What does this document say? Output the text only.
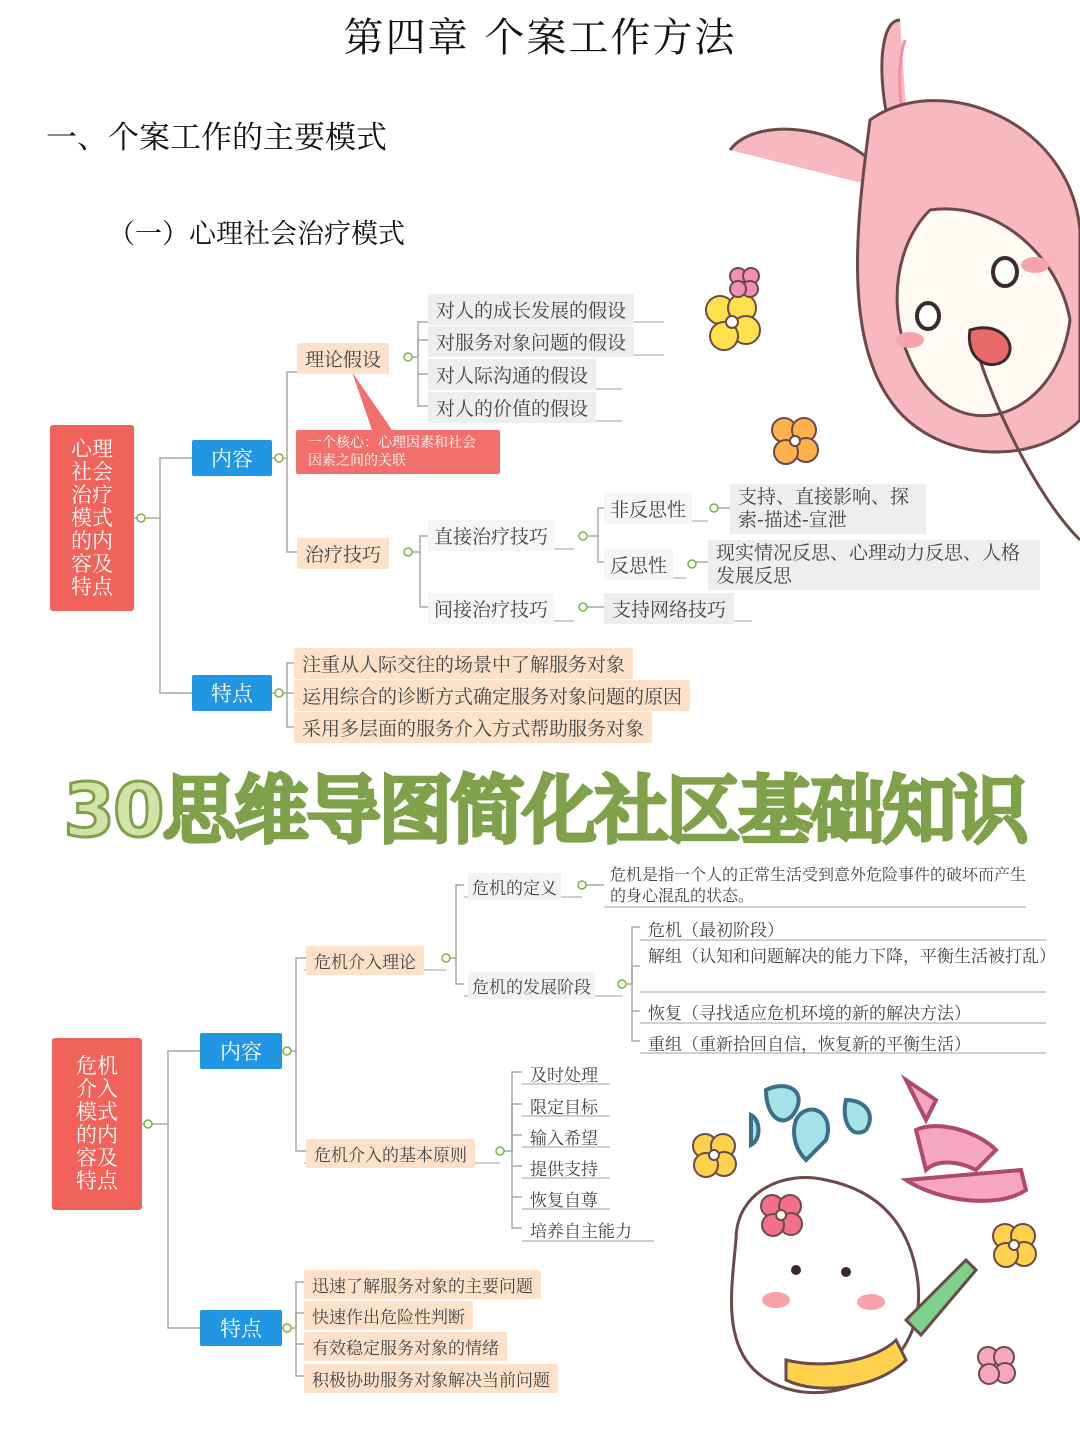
第四章 个案工作方法
一、个案工作的主要模式
（一）心理社会治疗模式
心理社会治疗模式的内容及特点
内容
特点
理论假设
对人的成长发展的假设
对服务对象问题的假设
对人际沟通的假设
对人的价值的假设
一个核心：心理因素和社会因素之间的关联
治疗技巧
直接治疗技巧
间接治疗技巧
非反思性
反思性
支持、直接影响、探索-描述-宣泄
现实情况反思、心理动力反思、人格发展反思
支持网络技巧
注重从人际交往的场景中了解服务对象
运用综合的诊断方式确定服务对象问题的原因
采用多层面的服务介入方式帮助服务对象
30思维导图简化社区基础知识
危机介入模式的内容及特点
内容
特点
危机介入理论
危机的定义
危机是指一个人的正常生活受到意外危险事件的破坏而产生的身心混乱的状态。
危机的发展阶段
危机（最初阶段）
解组（认知和问题解决的能力下降，平衡生活被打乱）
恢复（寻找适应危机环境的新的解决方法）
重组（重新拾回自信，恢复新的平衡生活）
危机介入的基本原则
及时处理
限定目标
输入希望
提供支持
恢复自尊
培养自主能力
迅速了解服务对象的主要问题
快速作出危险性判断
有效稳定服务对象的情绪
积极协助服务对象解决当前问题
